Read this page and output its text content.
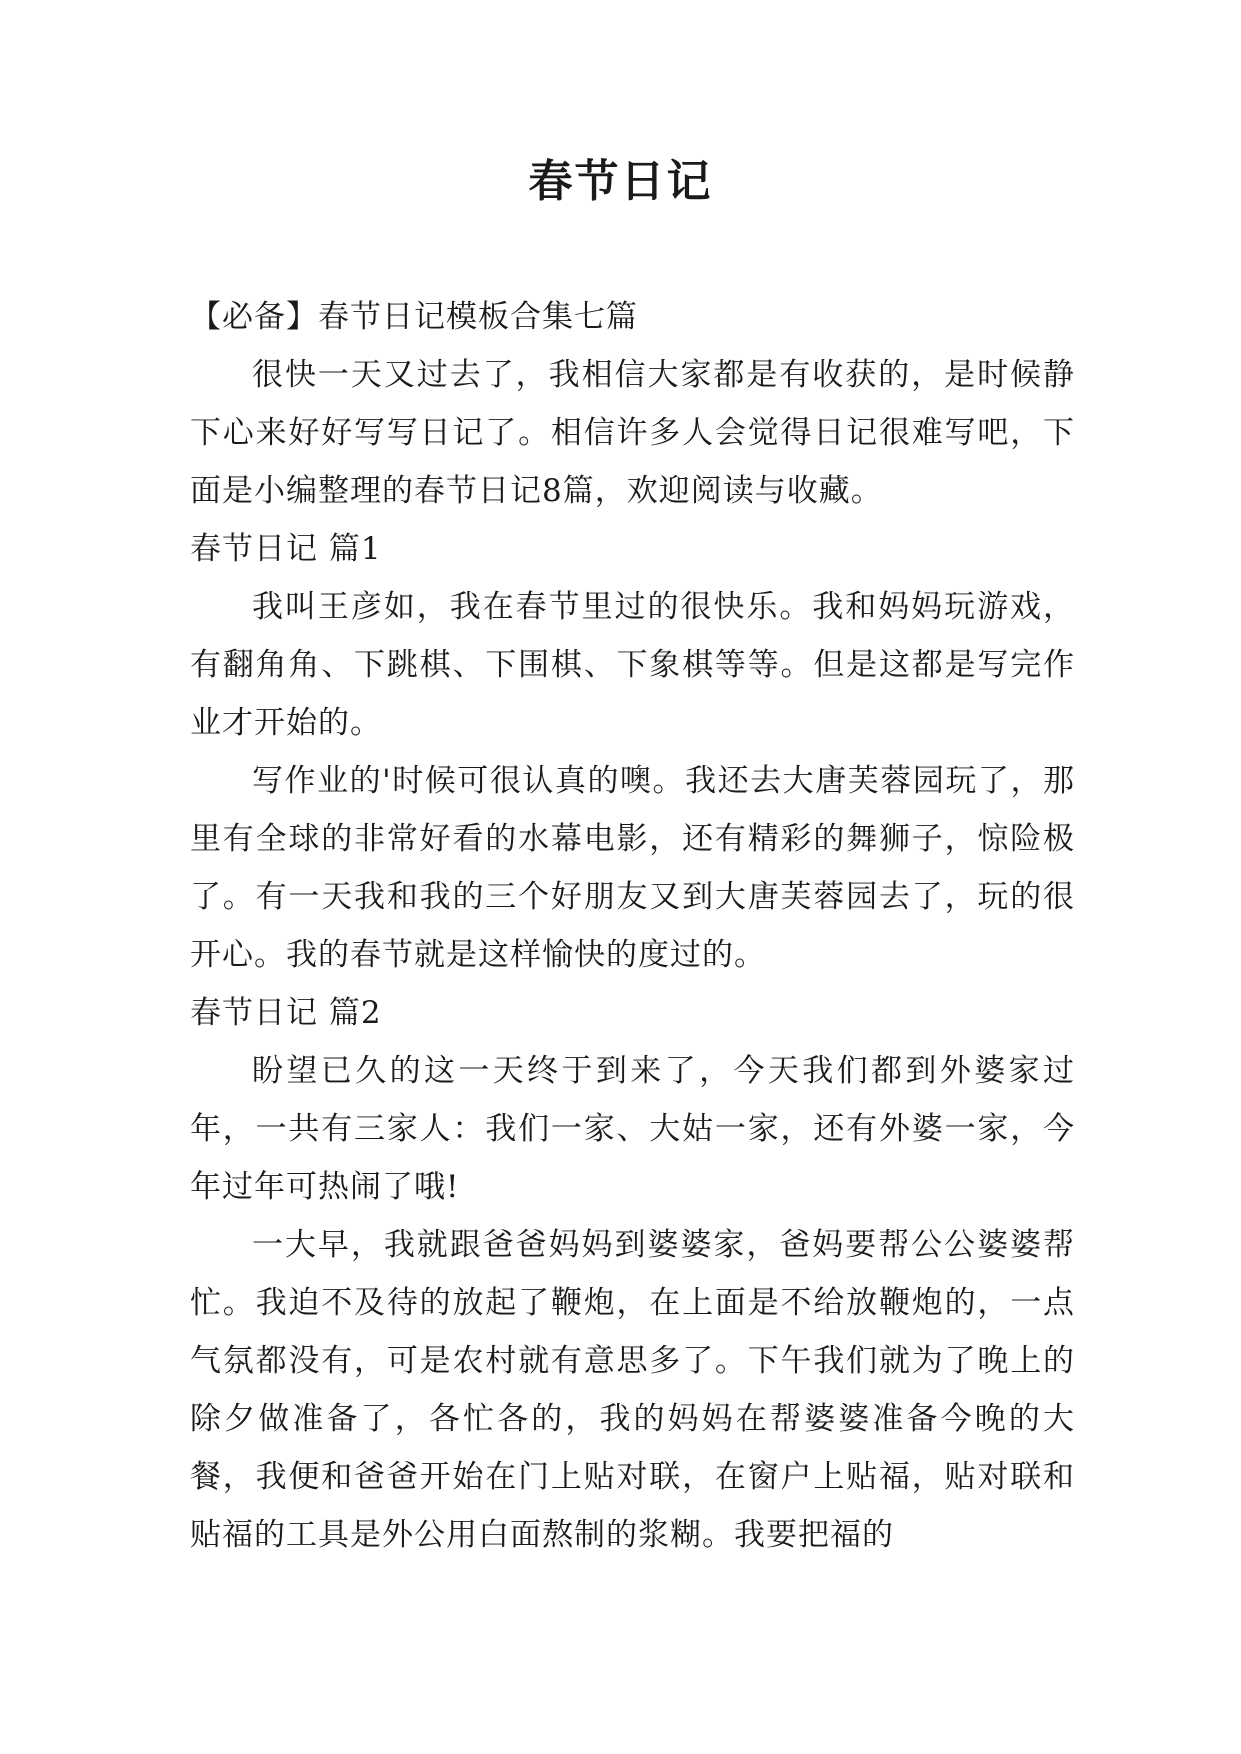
春节日记

【必备】春节日记模板合集七篇

很快一天又过去了，我相信大家都是有收获的，是时候静下心来好好写写日记了。相信许多人会觉得日记很难写吧，下面是小编整理的春节日记8篇，欢迎阅读与收藏。

春节日记 篇1

我叫王彦如，我在春节里过的很快乐。我和妈妈玩游戏，有翻角角、下跳棋、下围棋、下象棋等等。但是这都是写完作业才开始的。

写作业的'时候可很认真的噢。我还去大唐芙蓉园玩了，那里有全球的非常好看的水幕电影，还有精彩的舞狮子，惊险极了。有一天我和我的三个好朋友又到大唐芙蓉园去了，玩的很开心。我的春节就是这样愉快的度过的。

春节日记 篇2

盼望已久的这一天终于到来了，今天我们都到外婆家过年，一共有三家人：我们一家、大姑一家，还有外婆一家，今年过年可热闹了哦!

一大早，我就跟爸爸妈妈到婆婆家，爸妈要帮公公婆婆帮忙。我迫不及待的放起了鞭炮，在上面是不给放鞭炮的，一点气氛都没有，可是农村就有意思多了。下午我们就为了晚上的除夕做准备了，各忙各的，我的妈妈在帮婆婆准备今晚的大餐，我便和爸爸开始在门上贴对联，在窗户上贴福，贴对联和贴福的工具是外公用白面熬制的浆糊。我要把福的
